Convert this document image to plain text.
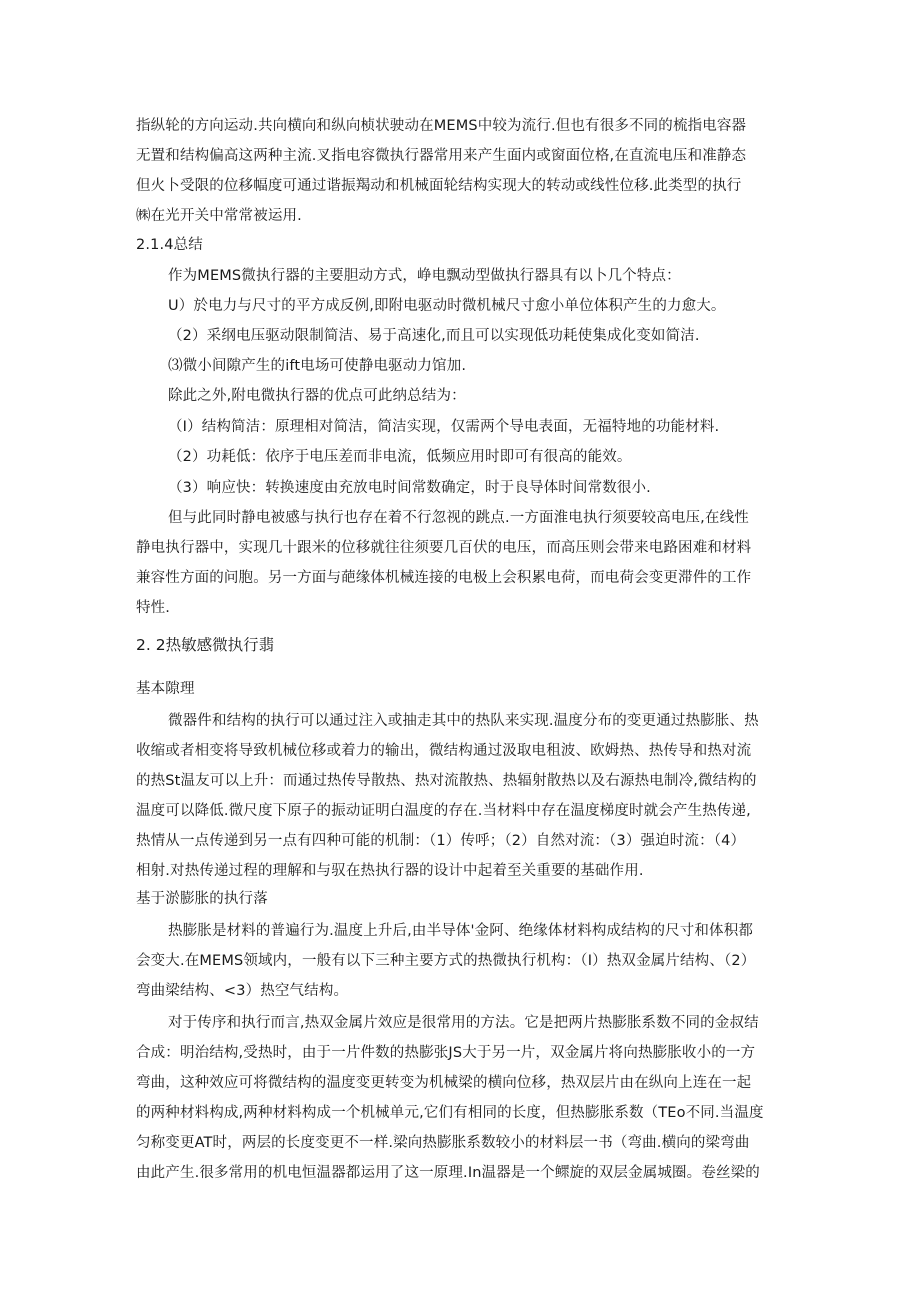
指纵轮的方向运动.共向横向和纵向桢状驶动在MEMS中较为流行.但也有很多不同的梳指电容器
无置和结构偏高这两种主流.叉指电容微执行器常用来产生面内或窗面位格,在直流电压和准静态
但火卜受限的位移幅度可通过谐振羯动和机械面轮结构实现大的转动或线性位移.此类型的执行
㈱在光开关中常常被运用.
2.1.4总结
作为MEMS微执行器的主要胆动方式，峥电飘动型做执行器具有以卜几个特点：
U）於电力与尺寸的平方成反例,即附电驱动时微机械尺寸愈小单位体积产生的力愈大。
（2）采纲电压驱动限制简洁、易于高速化,而且可以实现低功耗使集成化变如简洁.
⑶微小间隙产生的ift电场可使静电驱动力馆加.
除此之外,附电微执行器的优点可此纳总结为：
（I）结构简洁：原理相对简洁，简洁实现，仅需两个导电表面，无福特地的功能材料.
（2）功耗低：依序于电压差而非电流，低频应用时即可有很高的能效。
（3）响应快：转换速度由充放电时间常数确定，时于良导体时间常数很小.
但与此同时静电被感与执行也存在着不行忽视的跳点.一方面淮电执行须要较高电压,在线性
静电执行器中，实现几十跟米的位移就往往须要几百伏的电压，而高压则会带来电路困难和材料
兼容性方面的问胞。另一方面与葩缘体机械连接的电极上会积累电荷，而电荷会变更滞件的工作
特性.
2. 2热敏感微执行翡
基本隙理
微器件和结构的执行可以通过注入或抽走其中的热队来实现.温度分布的变更通过热膨胀、热
收缩或者相变将导致机械位移或着力的输出，微结构通过汲取电租波、欧姆热、热传导和热对流
的热St温友可以上升：而通过热传导散热、热对流散热、热辐射散热以及右源热电制冷,微结构的
温度可以降低.微尺度下原子的振动证明白温度的存在.当材料中存在温度梯度时就会产生热传递,
热情从一点传递到另一点有四种可能的机制：（1）传呼；（2）自然对流：（3）强迫时流：（4）
相射.对热传递过程的理解和与驭在热执行器的设计中起着至关重要的基础作用.
基于淤膨胀的执行落
热膨胀是材料的普遍行为.温度上升后,由半导体'金阿、绝缘体材料构成结构的尺寸和体积都
会变大.在MEMS领域内，一般有以下三种主要方式的热微执行机构：（I）热双金属片结构、（2）
弯曲梁结构、<3）热空气结构。
对于传序和执行而言,热双金属片效应是很常用的方法。它是把两片热膨胀系数不同的金叔结
合成：明治结构,受热时，由于一片件数的热膨张JS大于另一片，双金属片将向热膨胀收小的一方
弯曲，这种效应可将微结构的温度变更转变为机械梁的横向位移，热双层片由在纵向上连在一起
的两种材料构成,两种材料构成一个机械单元,它们有相同的长度，但热膨胀系数（TEo不同.当温度
匀称变更AT时，两层的长度变更不一样.梁向热膨胀系数较小的材料层一书（弯曲.横向的梁弯曲
由此产生.很多常用的机电恒温器都运用了这一原理.In温器是一个鳏旋的双层金属城圈。卷丝梁的
